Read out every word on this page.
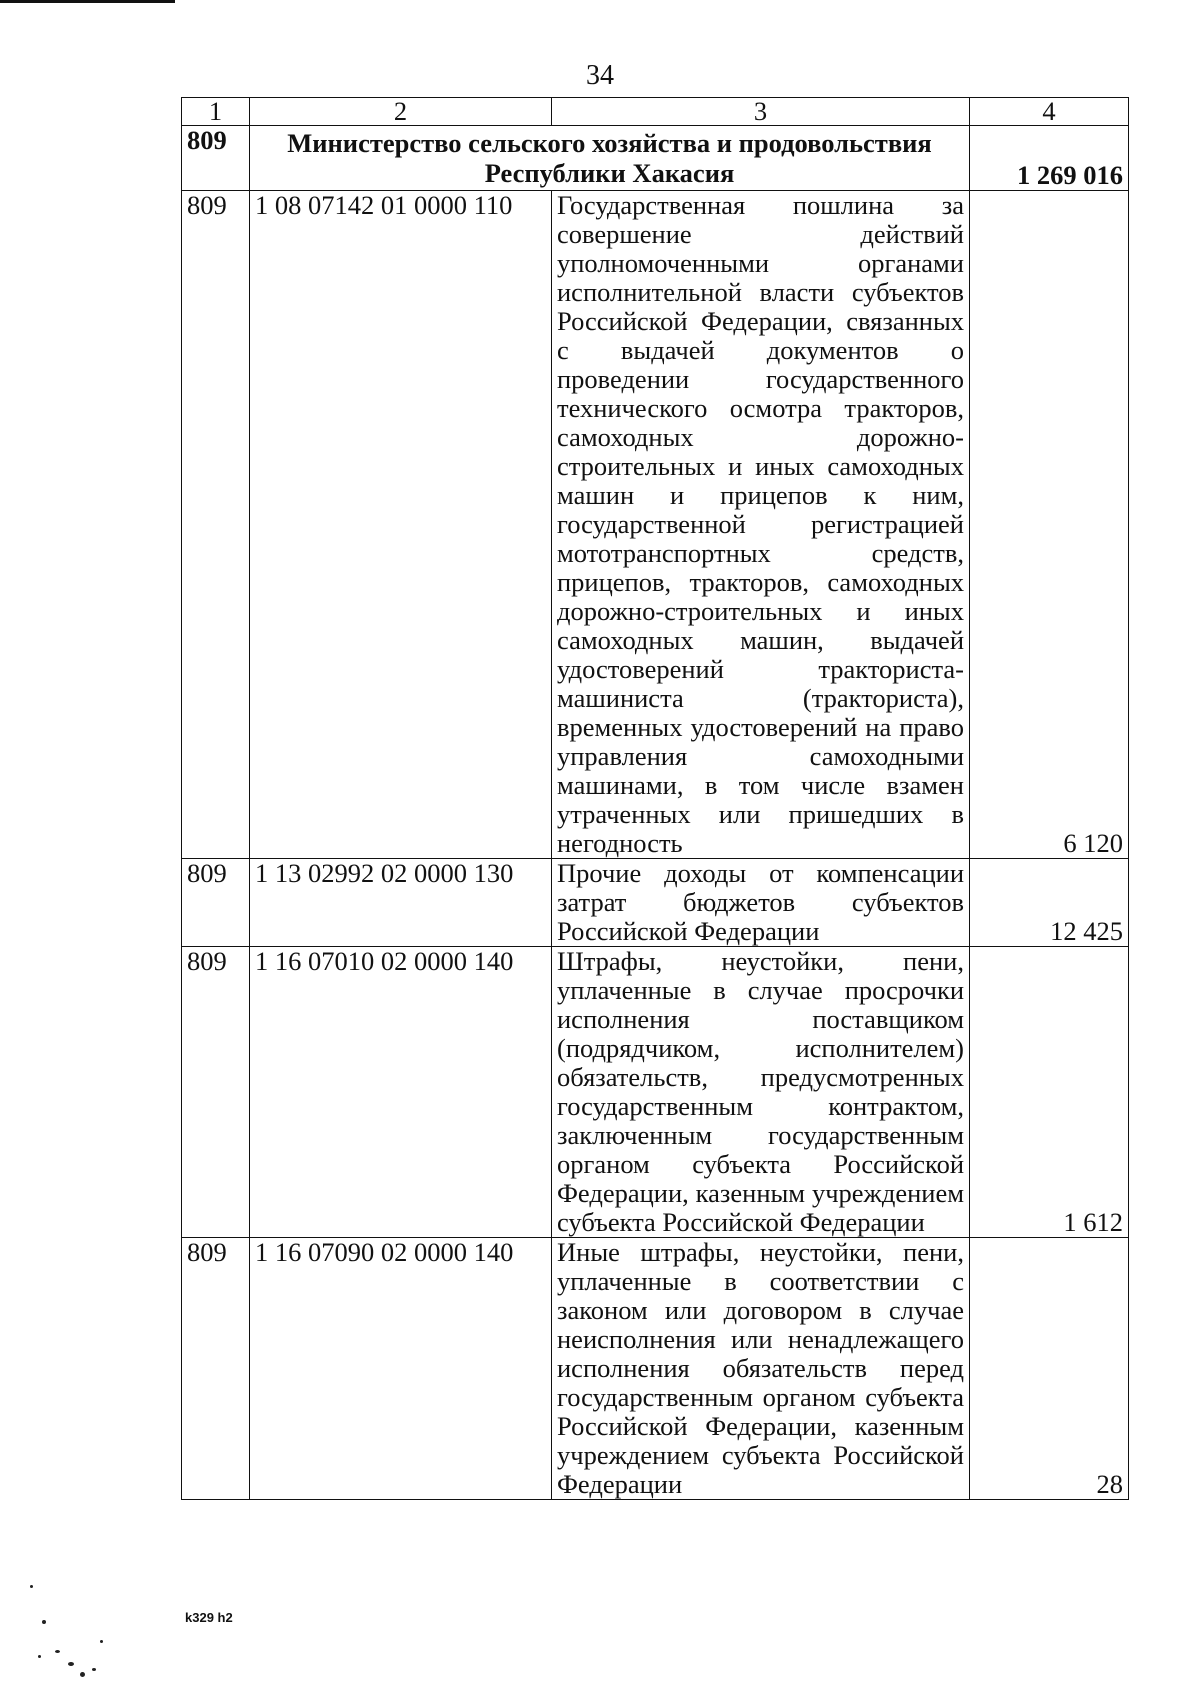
34
1	2	3	4
809	Министерство сельского хозяйства и продовольствия Республики Хакасия		1 269 016
809	1 08 07142 01 0000 110	Государственная пошлина за совершение действий уполномоченными органами исполнительной власти субъектов Российской Федерации, связанных с выдачей документов о проведении государственного технического осмотра тракторов, самоходных дорожно-строительных и иных самоходных машин и прицепов к ним, государственной регистрацией мототранспортных средств, прицепов, тракторов, самоходных дорожно-строительных и иных самоходных машин, выдачей удостоверений тракториста-машиниста (тракториста), временных удостоверений на право управления самоходными машинами, в том числе взамен утраченных или пришедших в негодность	6 120
809	1 13 02992 02 0000 130	Прочие доходы от компенсации затрат бюджетов субъектов Российской Федерации	12 425
809	1 16 07010 02 0000 140	Штрафы, неустойки, пени, уплаченные в случае просрочки исполнения поставщиком (подрядчиком, исполнителем) обязательств, предусмотренных государственным контрактом, заключенным государственным органом субъекта Российской Федерации, казенным учреждением субъекта Российской Федерации	1 612
809	1 16 07090 02 0000 140	Иные штрафы, неустойки, пени, уплаченные в соответствии с законом или договором в случае неисполнения или ненадлежащего исполнения обязательств перед государственным органом субъекта Российской Федерации, казенным учреждением субъекта Российской Федерации	28
k329 h2
